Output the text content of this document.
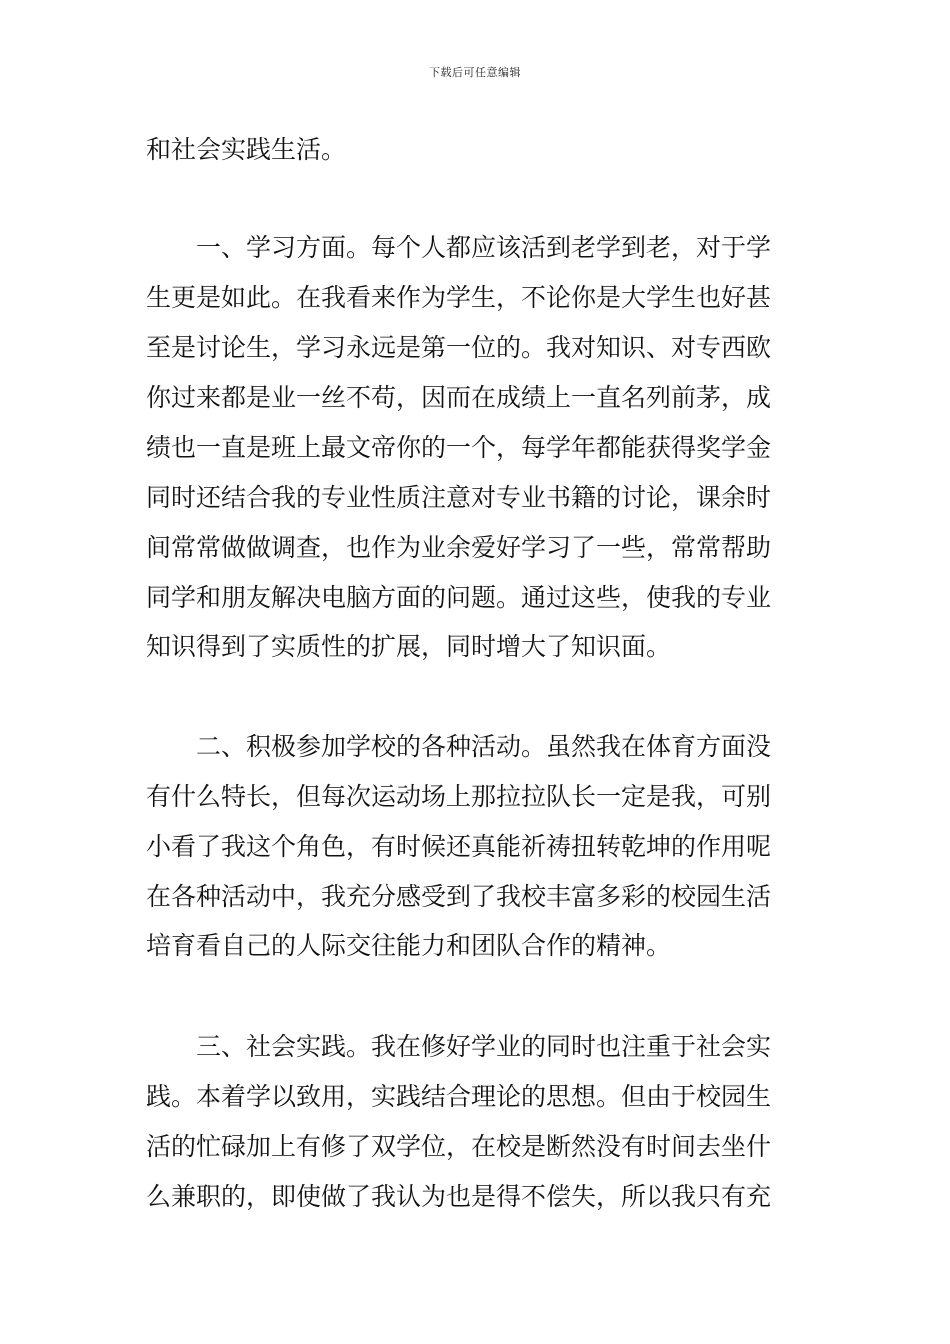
下载后可任意编辑
和社会实践生活。
一、学习方面。每个人都应该活到老学到老，对于学
生更是如此。在我看来作为学生，不论你是大学生也好甚
至是讨论生，学习永远是第一位的。我对知识、对专西欧
你过来都是业一丝不苟，因而在成绩上一直名列前茅，成
绩也一直是班上最文帝你的一个，每学年都能获得奖学金
同时还结合我的专业性质注意对专业书籍的讨论，课余时
间常常做做调查，也作为业余爱好学习了一些，常常帮助
同学和朋友解决电脑方面的问题。通过这些，使我的专业
知识得到了实质性的扩展，同时增大了知识面。
二、积极参加学校的各种活动。虽然我在体育方面没
有什么特长，但每次运动场上那拉拉队长一定是我，可别
小看了我这个角色，有时候还真能祈祷扭转乾坤的作用呢
在各种活动中，我充分感受到了我校丰富多彩的校园生活
培育看自己的人际交往能力和团队合作的精神。
三、社会实践。我在修好学业的同时也注重于社会实
践。本着学以致用，实践结合理论的思想。但由于校园生
活的忙碌加上有修了双学位，在校是断然没有时间去坐什
么兼职的，即使做了我认为也是得不偿失，所以我只有充
